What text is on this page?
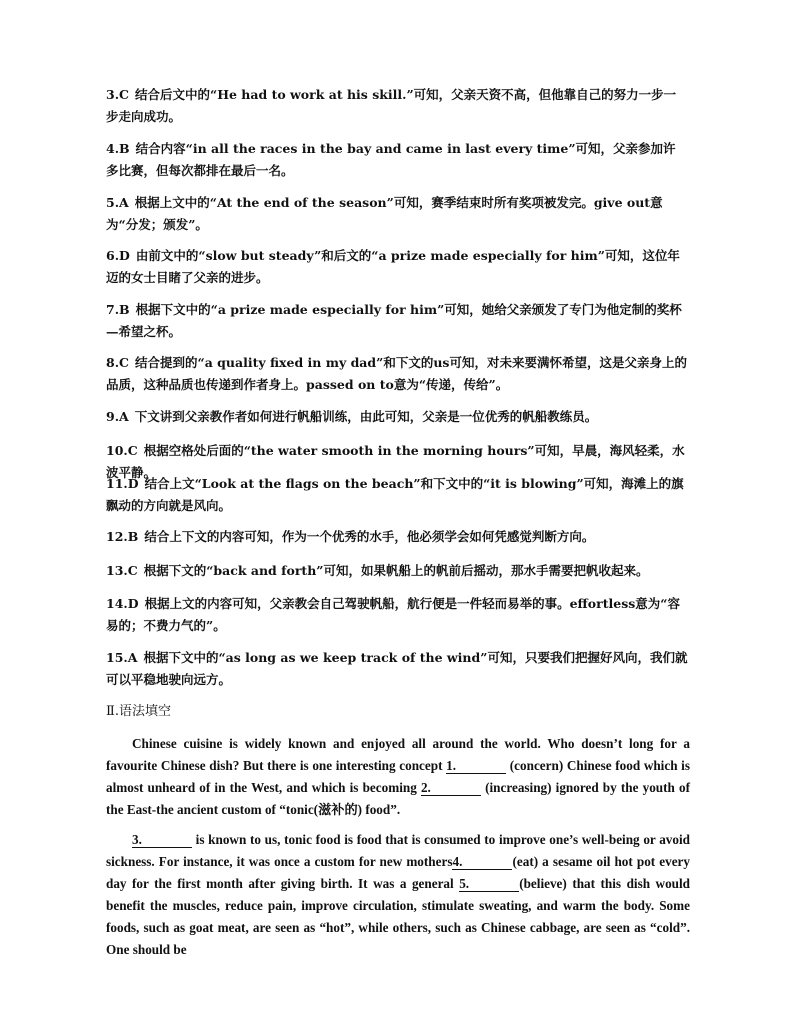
3.C 结合后文中的“He had to work at his skill.”可知，父亲天资不高，但他靠自己的努力一步一步走向成功。
4.B 结合内容“in all the races in the bay and came in last every time”可知，父亲参加许多比赛，但每次都排在最后一名。
5.A 根据上文中的“At the end of the season”可知，赛季结束时所有奖项被发完。give out意为“分发；颁发”。
6.D 由前文中的“slow but steady”和后文的“a prize made especially for him”可知，这位年迈的女士目睹了父亲的进步。
7.B 根据下文中的“a prize made especially for him”可知，她给父亲颁发了专门为他定制的奖杯—希望之杯。
8.C 结合提到的“a quality fixed in my dad”和下文的us可知，对未来要满怀希望，这是父亲身上的品质，这种品质也传递到作者身上。passed on to意为“传递，传给”。
9.A 下文讲到父亲教作者如何进行帆船训练，由此可知，父亲是一位优秀的帆船教练员。
10.C 根据空格处后面的“the water smooth in the morning hours”可知，早晨，海风轻柔，水波平静。
11.D 结合上文“Look at the flags on the beach”和下文中的“it is blowing”可知，海滩上的旗飘动的方向就是风向。
12.B 结合上下文的内容可知，作为一个优秀的水手，他必须学会如何凭感觉判断方向。
13.C 根据下文的“back and forth”可知，如果帆船上的帆前后摇动，那水手需要把帆收起来。
14.D 根据上文的内容可知，父亲教会自己驾驶帆船，航行便是一件轻而易举的事。effortless意为“容易的；不费力气的”。
15.A 根据下文中的“as long as we keep track of the wind”可知，只要我们把握好风向，我们就可以平稳地驶向远方。
Ⅱ.语法填空
Chinese cuisine is widely known and enjoyed all around the world. Who doesn’t long for a favourite Chinese dish? But there is one interesting concept 1.	(concern) Chinese food which is almost unheard of in the West, and which is becoming 2.	(increasing) ignored by the youth of the East-the ancient custom of “tonic(滋补的) food”.
3.	is known to us, tonic food is food that is consumed to improve one’s well-being or avoid sickness. For instance, it was once a custom for new mothers4.	(eat) a sesame oil hot pot every day for the first month after giving birth. It was a general 5.	(believe) that this dish would benefit the muscles, reduce pain, improve circulation, stimulate sweating, and warm the body. Some foods, such as goat meat, are seen as “hot”, while others, such as Chinese cabbage, are seen as “cold”. One should be
